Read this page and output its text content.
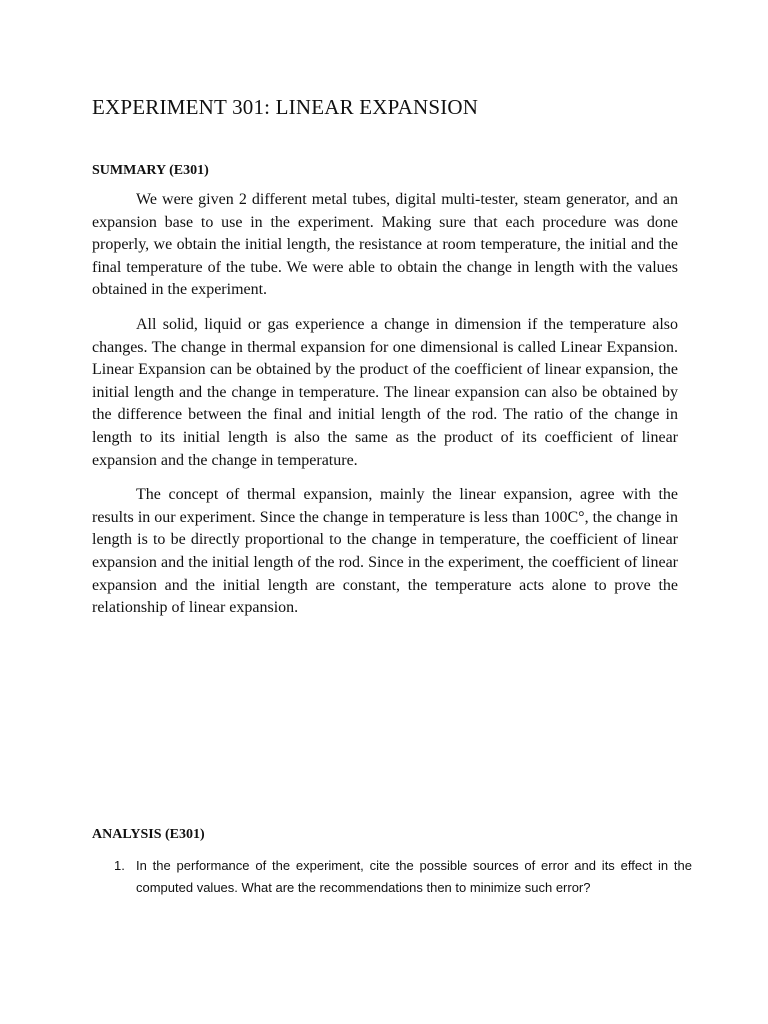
EXPERIMENT 301: LINEAR EXPANSION
SUMMARY (E301)

We were given 2 different metal tubes, digital multi-tester, steam generator, and an expansion base to use in the experiment. Making sure that each procedure was done properly, we obtain the initial length, the resistance at room temperature, the initial and the final temperature of the tube. We were able to obtain the change in length with the values obtained in the experiment.

All solid, liquid or gas experience a change in dimension if the temperature also changes. The change in thermal expansion for one dimensional is called Linear Expansion. Linear Expansion can be obtained by the product of the coefficient of linear expansion, the initial length and the change in temperature. The linear expansion can also be obtained by the difference between the final and initial length of the rod. The ratio of the change in length to its initial length is also the same as the product of its coefficient of linear expansion and the change in temperature.

The concept of thermal expansion, mainly the linear expansion, agree with the results in our experiment. Since the change in temperature is less than 100C°, the change in length is to be directly proportional to the change in temperature, the coefficient of linear expansion and the initial length of the rod. Since in the experiment, the coefficient of linear expansion and the initial length are constant, the temperature acts alone to prove the relationship of linear expansion.

ANALYSIS (E301)
1. In the performance of the experiment, cite the possible sources of error and its effect in the computed values. What are the recommendations then to minimize such error?
